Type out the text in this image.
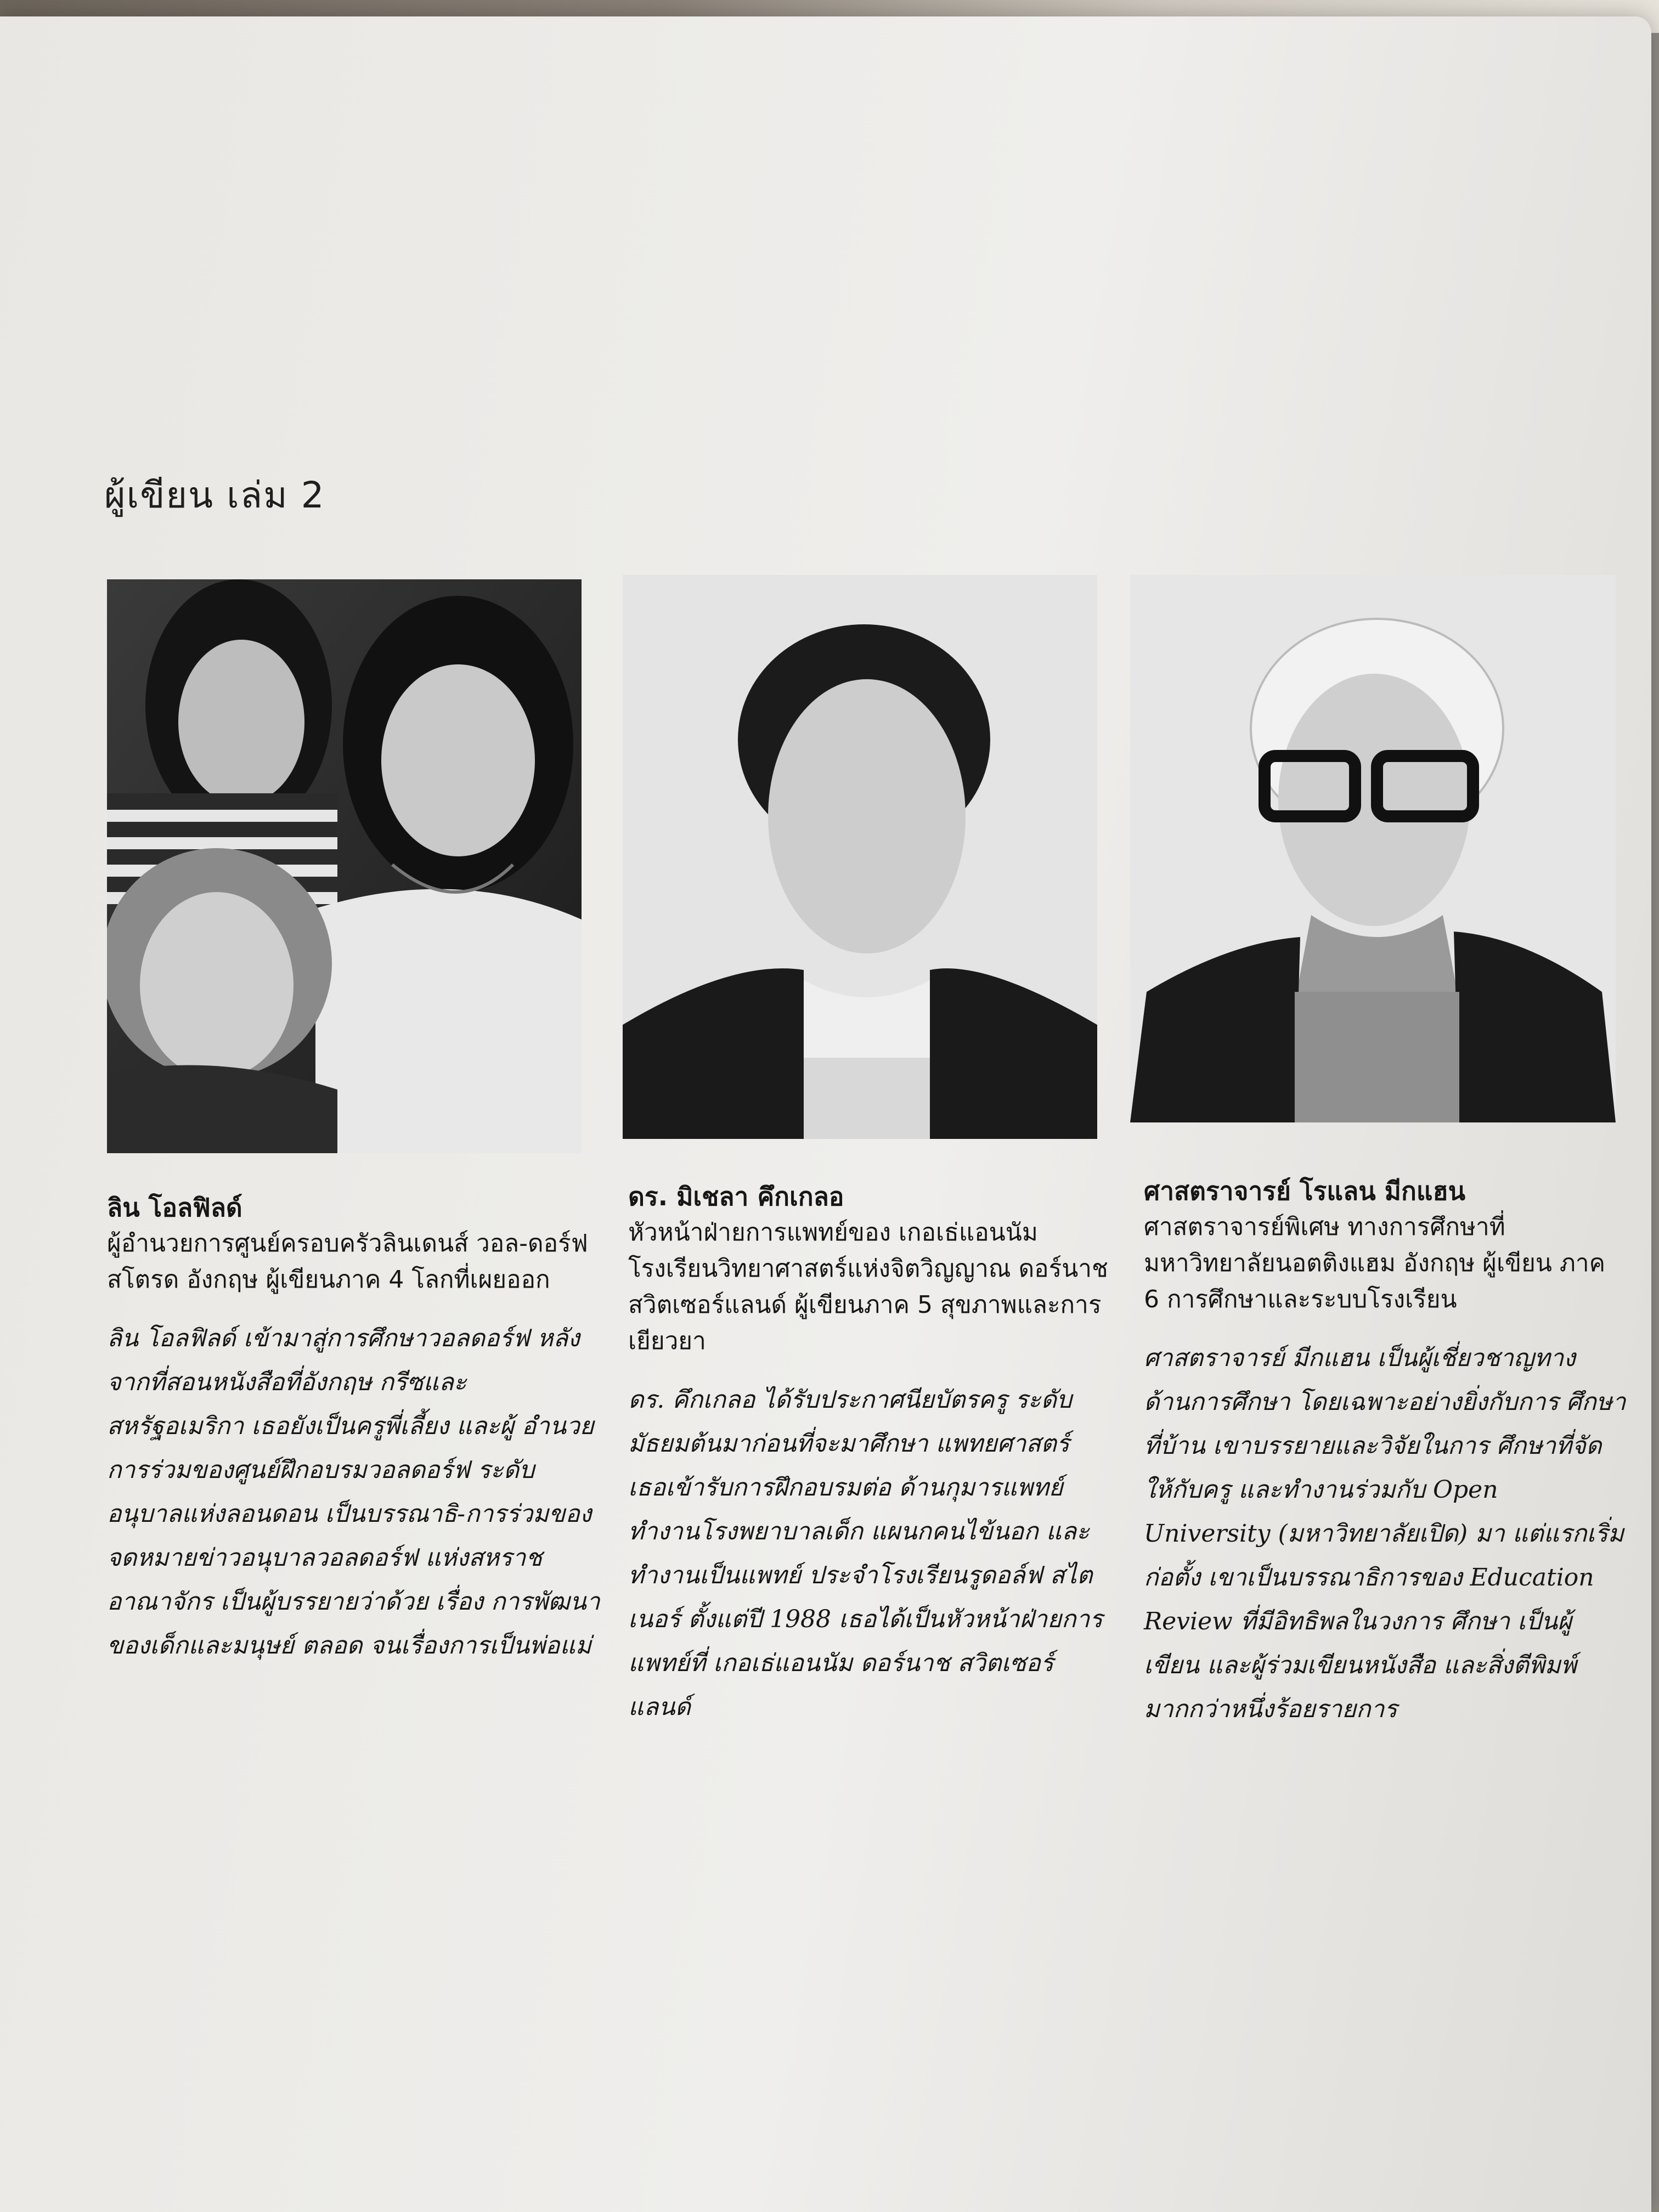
ผู้เขียน เล่ม 2
ลิน โอลฟิลด์
ผู้อำนวยการศูนย์ครอบครัวลินเดนส์ วอล-ดอร์ฟ สโตรด อังกฤษ ผู้เขียนภาค 4 โลกที่เผยออก
ลิน โอลฟิลด์ เข้ามาสู่การศึกษาวอลดอร์ฟ หลังจากที่สอนหนังสือที่อังกฤษ กรีซและ สหรัฐอเมริกา เธอยังเป็นครูพี่เลี้ยง และผู้ อำนวยการร่วมของศูนย์ฝึกอบรมวอลดอร์ฟ ระดับอนุบาลแห่งลอนดอน เป็นบรรณาธิ-การร่วมของจดหมายข่าวอนุบาลวอลดอร์ฟ แห่งสหราชอาณาจักร เป็นผู้บรรยายว่าด้วย เรื่อง การพัฒนาของเด็กและมนุษย์ ตลอด จนเรื่องการเป็นพ่อแม่
ดร. มิเชลา คึกเกลอ
หัวหน้าฝ่ายการแพทย์ของ เกอเธ่แอนนัม โรงเรียนวิทยาศาสตร์แห่งจิตวิญญาณ ดอร์นาช สวิตเซอร์แลนด์ ผู้เขียนภาค 5 สุขภาพและการเยียวยา
ดร. คึกเกลอ ได้รับประกาศนียบัตรครู ระดับมัธยมต้นมาก่อนที่จะมาศึกษา แพทยศาสตร์ เธอเข้ารับการฝึกอบรมต่อ ด้านกุมารแพทย์ ทำงานโรงพยาบาลเด็ก แผนกคนไข้นอก และทำงานเป็นแพทย์ ประจำโรงเรียนรูดอล์ฟ สไตเนอร์ ตั้งแต่ปี 1988 เธอได้เป็นหัวหน้าฝ่ายการแพทย์ที่ เกอเธ่แอนนัม ดอร์นาช สวิตเซอร์แลนด์
ศาสตราจารย์ โรแลน มีกแฮน
ศาสตราจารย์พิเศษ ทางการศึกษาที่ มหาวิทยาลัยนอตติงแฮม อังกฤษ ผู้เขียน ภาค 6 การศึกษาและระบบโรงเรียน
ศาสตราจารย์ มีกแฮน เป็นผู้เชี่ยวชาญทาง ด้านการศึกษา โดยเฉพาะอย่างยิ่งกับการ ศึกษาที่บ้าน เขาบรรยายและวิจัยในการ ศึกษาที่จัดให้กับครู และทำงานร่วมกับ Open University (มหาวิทยาลัยเปิด) มา แต่แรกเริ่มก่อตั้ง เขาเป็นบรรณาธิการของ Education Review ที่มีอิทธิพลในวงการ ศึกษา เป็นผู้เขียน และผู้ร่วมเขียนหนังสือ และสิ่งตีพิมพ์มากกว่าหนึ่งร้อยรายการ
